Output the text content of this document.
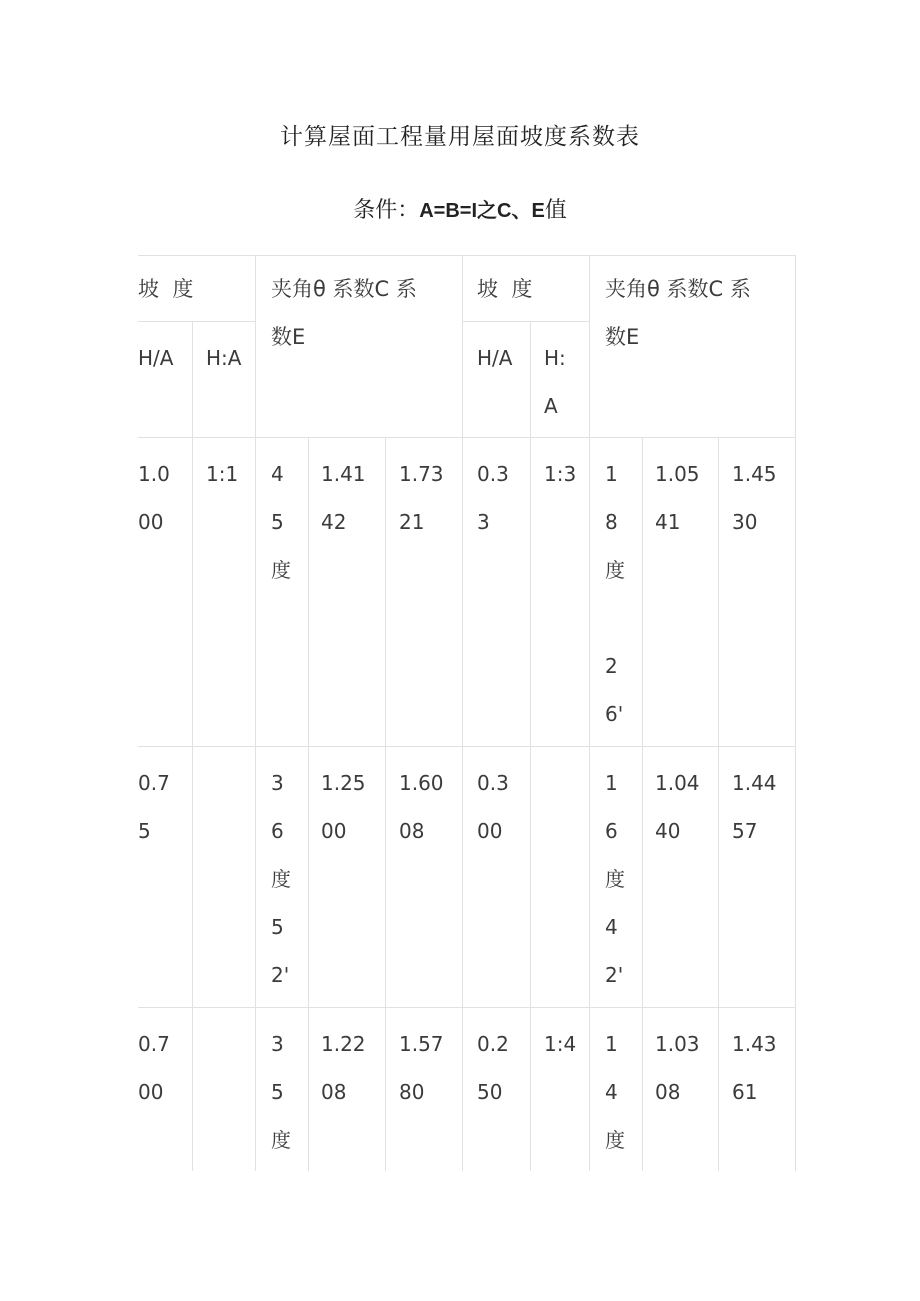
计算屋面工程量用屋面坡度系数表
条件：A=B=I之C、E值
坡  度	夹角θ 系数C 系
数E
H/A H:A
坡  度	夹角θ 系数C 系
数E
H/A H:
A
1.0
00
1:1 4
5
度
1.41
42
1.73
21
0.3
3
1:3 1
8
度

2
6'
1.05
41
1.45
30
0.7
5
3
6
度
5
2'
1.25
00
1.60
08
0.3
00
1
6
度
4
2'
1.04
40
1.44
57
0.7
00
3
5
度
1.22
08
1.57
80
0.2
50
1:4 1
4
度
1.03
08
1.43
61
